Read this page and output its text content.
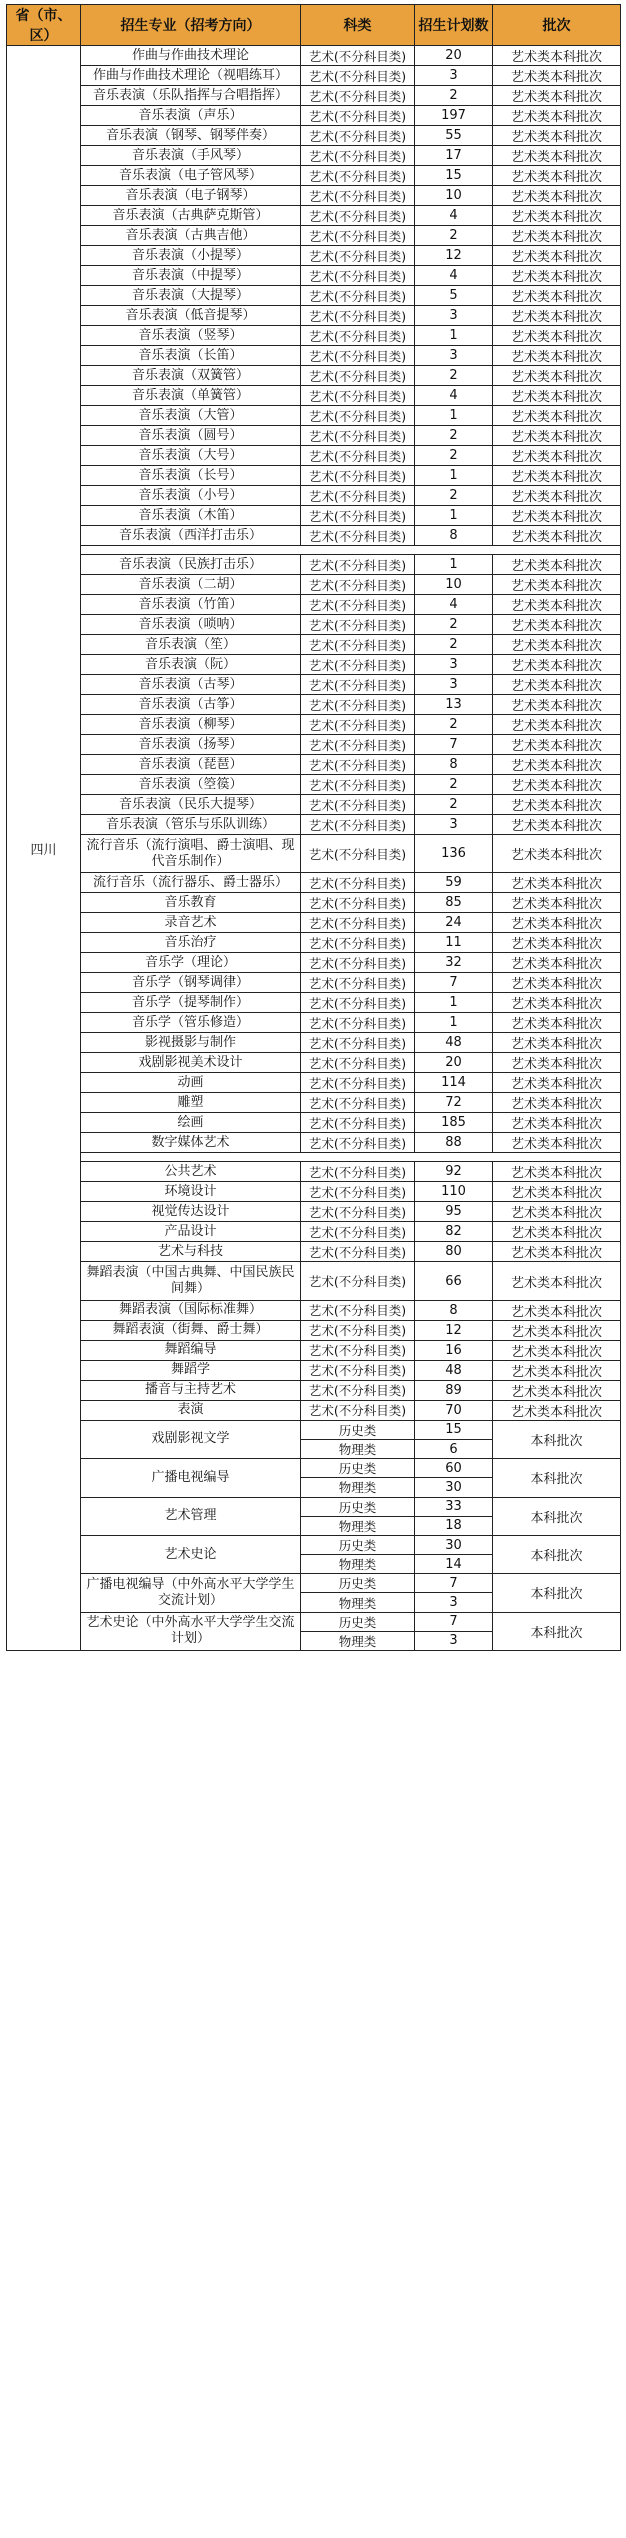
省（市、区）	招生专业（招考方向）	科类	招生计划数	批次
四川	作曲与作曲技术理论	艺术(不分科目类)	20	艺术类本科批次
	作曲与作曲技术理论（视唱练耳）	艺术(不分科目类)	3	艺术类本科批次
	音乐表演（乐队指挥与合唱指挥）	艺术(不分科目类)	2	艺术类本科批次
	音乐表演（声乐）	艺术(不分科目类)	197	艺术类本科批次
	音乐表演（钢琴、钢琴伴奏）	艺术(不分科目类)	55	艺术类本科批次
	音乐表演（手风琴）	艺术(不分科目类)	17	艺术类本科批次
	音乐表演（电子管风琴）	艺术(不分科目类)	15	艺术类本科批次
	音乐表演（电子钢琴）	艺术(不分科目类)	10	艺术类本科批次
	音乐表演（古典萨克斯管）	艺术(不分科目类)	4	艺术类本科批次
	音乐表演（古典吉他）	艺术(不分科目类)	2	艺术类本科批次
	音乐表演（小提琴）	艺术(不分科目类)	12	艺术类本科批次
	音乐表演（中提琴）	艺术(不分科目类)	4	艺术类本科批次
	音乐表演（大提琴）	艺术(不分科目类)	5	艺术类本科批次
	音乐表演（低音提琴）	艺术(不分科目类)	3	艺术类本科批次
	音乐表演（竖琴）	艺术(不分科目类)	1	艺术类本科批次
	音乐表演（长笛）	艺术(不分科目类)	3	艺术类本科批次
	音乐表演（双簧管）	艺术(不分科目类)	2	艺术类本科批次
	音乐表演（单簧管）	艺术(不分科目类)	4	艺术类本科批次
	音乐表演（大管）	艺术(不分科目类)	1	艺术类本科批次
	音乐表演（圆号）	艺术(不分科目类)	2	艺术类本科批次
	音乐表演（大号）	艺术(不分科目类)	2	艺术类本科批次
	音乐表演（长号）	艺术(不分科目类)	1	艺术类本科批次
	音乐表演（小号）	艺术(不分科目类)	2	艺术类本科批次
	音乐表演（木笛）	艺术(不分科目类)	1	艺术类本科批次
	音乐表演（西洋打击乐）	艺术(不分科目类)	8	艺术类本科批次

	音乐表演（民族打击乐）	艺术(不分科目类)	1	艺术类本科批次
	音乐表演（二胡）	艺术(不分科目类)	10	艺术类本科批次
	音乐表演（竹笛）	艺术(不分科目类)	4	艺术类本科批次
	音乐表演（唢呐）	艺术(不分科目类)	2	艺术类本科批次
	音乐表演（笙）	艺术(不分科目类)	2	艺术类本科批次
	音乐表演（阮）	艺术(不分科目类)	3	艺术类本科批次
	音乐表演（古琴）	艺术(不分科目类)	3	艺术类本科批次
	音乐表演（古筝）	艺术(不分科目类)	13	艺术类本科批次
	音乐表演（柳琴）	艺术(不分科目类)	2	艺术类本科批次
	音乐表演（扬琴）	艺术(不分科目类)	7	艺术类本科批次
	音乐表演（琵琶）	艺术(不分科目类)	8	艺术类本科批次
	音乐表演（箜篌）	艺术(不分科目类)	2	艺术类本科批次
	音乐表演（民乐大提琴）	艺术(不分科目类)	2	艺术类本科批次
	音乐表演（管乐与乐队训练）	艺术(不分科目类)	3	艺术类本科批次
	流行音乐（流行演唱、爵士演唱、现代音乐制作）	艺术(不分科目类)	136	艺术类本科批次
	流行音乐（流行器乐、爵士器乐）	艺术(不分科目类)	59	艺术类本科批次
	音乐教育	艺术(不分科目类)	85	艺术类本科批次
	录音艺术	艺术(不分科目类)	24	艺术类本科批次
	音乐治疗	艺术(不分科目类)	11	艺术类本科批次
	音乐学（理论）	艺术(不分科目类)	32	艺术类本科批次
	音乐学（钢琴调律）	艺术(不分科目类)	7	艺术类本科批次
	音乐学（提琴制作）	艺术(不分科目类)	1	艺术类本科批次
	音乐学（管乐修造）	艺术(不分科目类)	1	艺术类本科批次
	影视摄影与制作	艺术(不分科目类)	48	艺术类本科批次
	戏剧影视美术设计	艺术(不分科目类)	20	艺术类本科批次
	动画	艺术(不分科目类)	114	艺术类本科批次
	雕塑	艺术(不分科目类)	72	艺术类本科批次
	绘画	艺术(不分科目类)	185	艺术类本科批次
	数字媒体艺术	艺术(不分科目类)	88	艺术类本科批次

	公共艺术	艺术(不分科目类)	92	艺术类本科批次
	环境设计	艺术(不分科目类)	110	艺术类本科批次
	视觉传达设计	艺术(不分科目类)	95	艺术类本科批次
	产品设计	艺术(不分科目类)	82	艺术类本科批次
	艺术与科技	艺术(不分科目类)	80	艺术类本科批次
	舞蹈表演（中国古典舞、中国民族民间舞）	艺术(不分科目类)	66	艺术类本科批次
	舞蹈表演（国际标准舞）	艺术(不分科目类)	8	艺术类本科批次
	舞蹈表演（街舞、爵士舞）	艺术(不分科目类)	12	艺术类本科批次
	舞蹈编导	艺术(不分科目类)	16	艺术类本科批次
	舞蹈学	艺术(不分科目类)	48	艺术类本科批次
	播音与主持艺术	艺术(不分科目类)	89	艺术类本科批次
	表演	艺术(不分科目类)	70	艺术类本科批次
	戏剧影视文学	历史类	15	本科批次
		物理类	6	
	广播电视编导	历史类	60	本科批次
		物理类	30	
	艺术管理	历史类	33	本科批次
		物理类	18	
	艺术史论	历史类	30	本科批次
		物理类	14	
	广播电视编导（中外高水平大学学生交流计划）	历史类	7	本科批次
		物理类	3	
	艺术史论（中外高水平大学学生交流计划）	历史类	7	本科批次
		物理类	3	
